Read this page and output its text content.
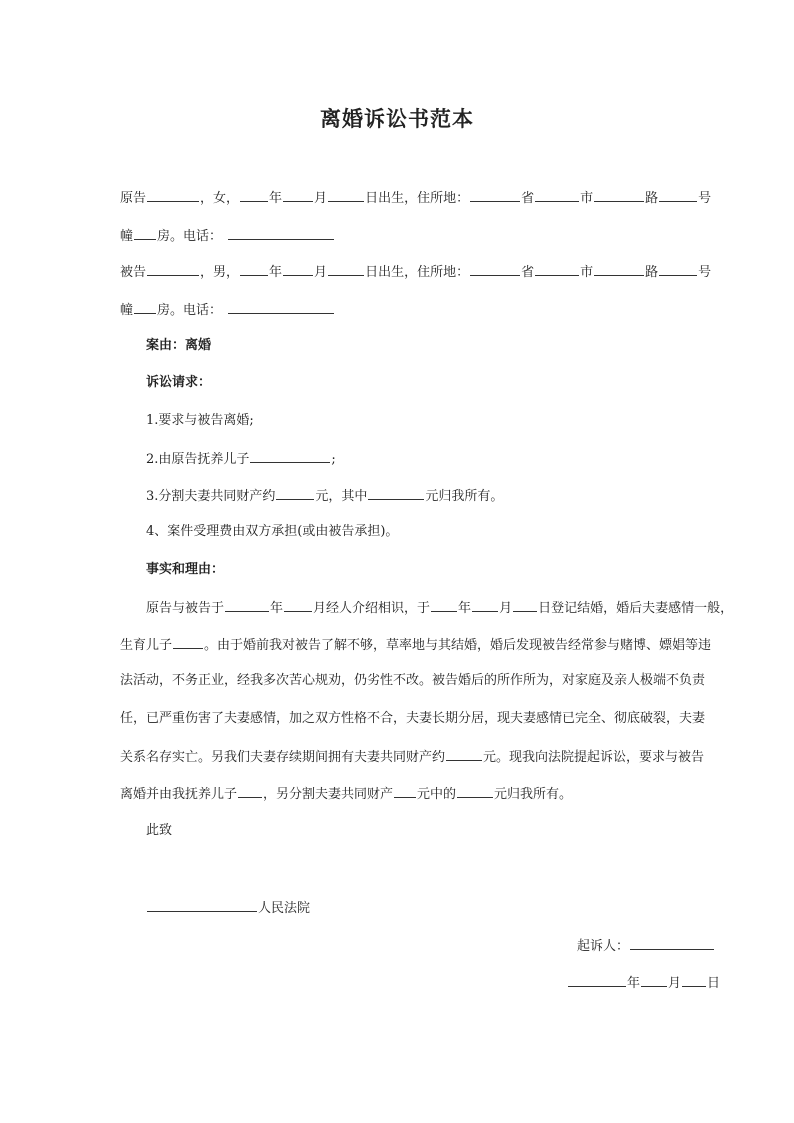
离婚诉讼书范本
原告	，女， 年 月	日出生，住所地：	省	市	路	号
幢 房。电话：
被告	，男， 年 月	日出生，住所地：	省	市	路	号
幢 房。电话：
案由：离婚
诉讼请求：
1.要求与被告离婚;
2.由原告抚养儿子	;
3.分割夫妻共同财产约	元，其中	元归我所有。
4、案件受理费由双方承担(或由被告承担)。
事实和理由：
原告与被告于	年 月经人介绍相识，于 年 月 日登记结婚，婚后夫妻感情一般，
生育儿子 。由于婚前我对被告了解不够，草率地与其结婚，婚后发现被告经常参与赌博、嫖娼等违
法活动，不务正业，经我多次苦心规劝，仍劣性不改。被告婚后的所作所为，对家庭及亲人极端不负责
任，已严重伤害了夫妻感情，加之双方性格不合，夫妻长期分居，现夫妻感情已完全、彻底破裂，夫妻
关系名存实亡。另我们夫妻存续期间拥有夫妻共同财产约	元。现我向法院提起诉讼，要求与被告
离婚并由我抚养儿子 ，另分割夫妻共同财产 元中的	元归我所有。
此致
人民法院
起诉人：
年 月 日
